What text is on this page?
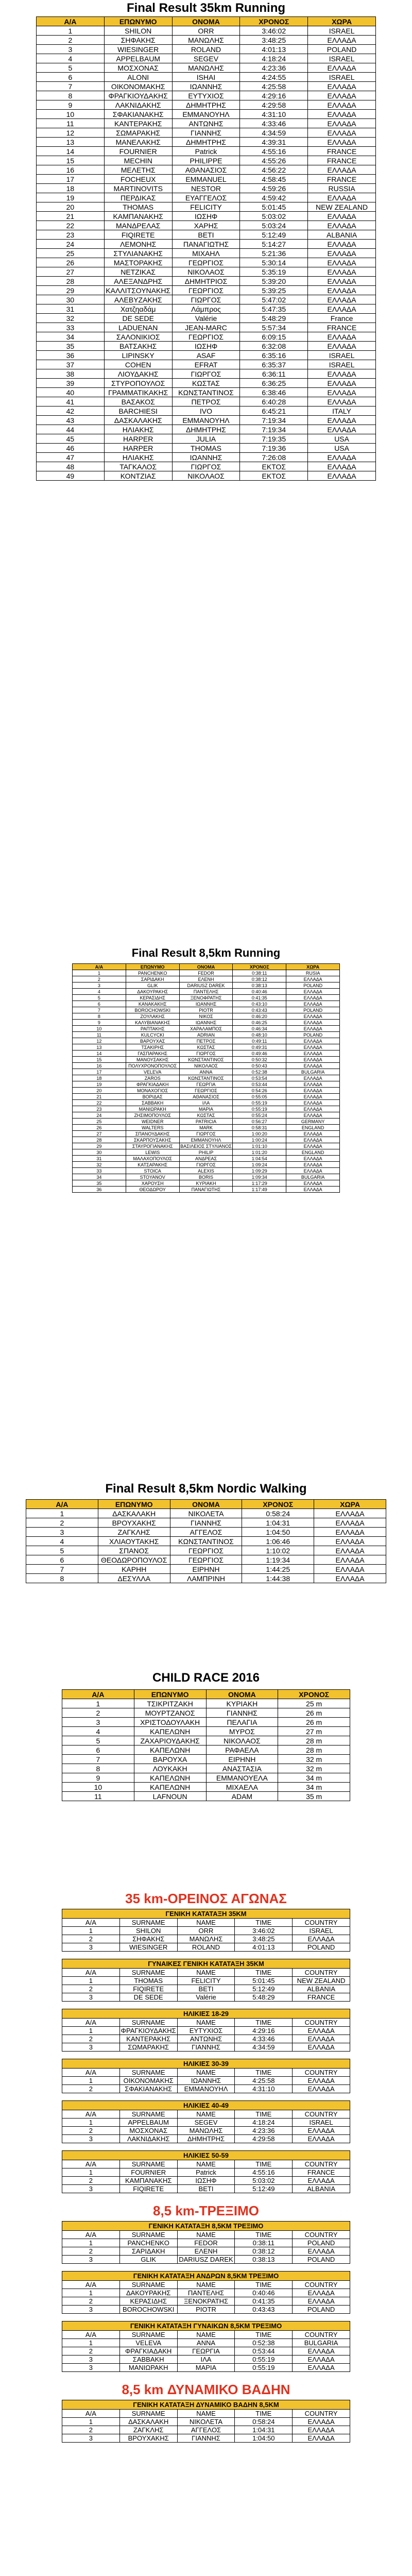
Final Result 35km Running
A/A	ΕΠΩΝΥΜΟ	ΟΝΟΜΑ	ΧΡΟΝΟΣ	ΧΩΡΑ
1	SHILON	ORR	3:46:02	ISRAEL
2	ΣΗΦΑΚΗΣ	ΜΑΝΩΛΗΣ	3:48:25	ΕΛΛΑΔΑ
3	WIESINGER	ROLAND	4:01:13	POLAND
4	APPELBAUM	SEGEV	4:18:24	ISRAEL
5	ΜΟΣΧΟΝΑΣ	ΜΑΝΩΛΗΣ	4:23:36	ΕΛΛΑΔΑ
6	ALONI	ISHAI	4:24:55	ISRAEL
7	ΟΙΚΟΝΟΜΑΚΗΣ	ΙΩΑΝΝΗΣ	4:25:58	ΕΛΛΑΔΑ
8	ΦΡΑΓΚΙΟΥΔΑΚΗΣ	ΕΥΤΥΧΙΟΣ	4:29:16	ΕΛΛΑΔΑ
9	ΛΑΚΝΙΔΑΚΗΣ	ΔΗΜΗΤΡΗΣ	4:29:58	ΕΛΛΑΔΑ
10	ΣΦΑΚΙΑΝΑΚΗΣ	ΕΜΜΑΝΟΥΗΛ	4:31:10	ΕΛΛΑΔΑ
11	ΚΑΝΤΕΡΑΚΗΣ	ΑΝΤΩΝΗΣ	4:33:46	ΕΛΛΑΔΑ
12	ΣΩΜΑΡΑΚΗΣ	ΓΙΑΝΝΗΣ	4:34:59	ΕΛΛΑΔΑ
13	ΜΑΝΕΛΑΚΗΣ	ΔΗΜΗΤΡΗΣ	4:39:31	ΕΛΛΑΔΑ
14	FOURNIER	Patrick	4:55:16	FRANCE
15	MECHIN	PHILIPPE	4:55:26	FRANCE
16	ΜΕΛΕΤΗΣ	ΑΘΑΝΑΣΙΟΣ	4:56:22	ΕΛΛΑΔΑ
17	FOCHEUX	EMMANUEL	4:58:45	FRANCE
18	MARTINOVITS	NESTOR	4:59:26	RUSSIA
19	ΠΕΡΔΙΚΑΣ	ΕΥΑΓΓΕΛΟΣ	4:59:42	ΕΛΛΑΔΑ
20	THOMAS	FELICITY	5:01:45	NEW ZEALAND
21	ΚΑΜΠΑΝΑΚΗΣ	ΙΩΣΗΦ	5:03:02	ΕΛΛΑΔΑ
22	ΜΑΝΔΡΕΛΑΣ	ΧΑΡΗΣ	5:03:24	ΕΛΛΑΔΑ
23	FIQIRETE	BETI	5:12:49	ALBANIA
24	ΛΕΜΟΝΗΣ	ΠΑΝΑΓΙΩΤΗΣ	5:14:27	ΕΛΛΑΔΑ
25	ΣΤΥΛΙΑΝΑΚΗΣ	ΜΙΧΑΗΛ	5:21:36	ΕΛΛΑΔΑ
26	ΜΑΣΤΟΡΑΚΗΣ	ΓΕΩΡΓΙΟΣ	5:30:14	ΕΛΛΑΔΑ
27	ΝΕΤΖΙΚΑΣ	ΝΙΚΟΛΑΟΣ	5:35:19	ΕΛΛΑΔΑ
28	ΑΛΕΞΑΝΔΡΗΣ	ΔΗΜΗΤΡΙΟΣ	5:39:20	ΕΛΛΑΔΑ
29	ΚΑΛΛΙΤΣΟΥΝΑΚΗΣ	ΓΕΩΡΓΙΟΣ	5:39:25	ΕΛΛΑΔΑ
30	ΑΛΕΒΥΖΑΚΗΣ	ΓΙΩΡΓΟΣ	5:47:02	ΕΛΛΑΔΑ
31	Χατζηαδάμ	Λάμπρος	5:47:35	ΕΛΛΑΔΑ
32	DE SEDE	Valérie	5:48:29	France
33	LADUENAN	JEAN-MARC	5:57:34	FRANCE
34	ΣΑΛΟΝΙΚΙΟΣ	ΓΕΩΡΓΙΟΣ	6:09:15	ΕΛΛΑΔΑ
35	ΒΑΤΣΑΚΗΣ	ΙΩΣΗΦ	6:32:08	ΕΛΛΑΔΑ
36	LIPINSKY	ASAF	6:35:16	ISRAEL
37	COHEN	EFRAT	6:35:37	ISRAEL
38	ΛΙΟΥΔΑΚΗΣ	ΓΙΩΡΓΟΣ	6:36:11	ΕΛΛΑΔΑ
39	ΣΤΥΡΟΠΟΥΛΟΣ	ΚΩΣΤΑΣ	6:36:25	ΕΛΛΑΔΑ
40	ΓΡΑΜΜΑΤΙΚΑΚΗΣ	ΚΩΝΣΤΑΝΤΙΝΟΣ	6:38:46	ΕΛΛΑΔΑ
41	ΒΑΣΑΚΟΣ	ΠΕΤΡΟΣ	6:40:28	ΕΛΛΑΔΑ
42	BARCHIESI	IVO	6:45:21	ITALY
43	ΔΑΣΚΑΛΑΚΗΣ	ΕΜΜΑΝΟΥΗΛ	7:19:34	ΕΛΛΑΔΑ
44	ΗΛΙΑΚΗΣ	ΔΗΜΗΤΡΗΣ	7:19:34	ΕΛΛΑΔΑ
45	HARPER	JULIA	7:19:35	USA
46	HARPER	THOMAS	7:19:36	USA
47	ΗΛΙΑΚΗΣ	ΙΩΑΝΝΗΣ	7:26:08	ΕΛΛΑΔΑ
48	ΤΑΓΚΑΛΟΣ	ΓΙΩΡΓΟΣ	ΕΚΤΟΣ	ΕΛΛΑΔΑ
49	ΚΟΝΤΖΙΑΣ	ΝΙΚΟΛΑΟΣ	ΕΚΤΟΣ	ΕΛΛΑΔΑ
Final Result 8,5km Running
A/A	ΕΠΩΝΥΜΟ	ΟΝΟΜΑ	ΧΡΟΝΟΣ	ΧΩΡΑ
1	PANCHENKO	FEDOR	0:38:11	RUSIA
2	ΣΑΡΙΔΑΚΗ	ΕΛΕΝΗ	0:38:12	ΕΛΛΑΔΑ
3	GLIK	DARIUSZ DAREK	0:38:13	POLAND
4	ΔΑΚΟΥΡΑΚΗΣ	ΠΑΝΤΕΛΗΣ	0:40:46	ΕΛΛΑΔΑ
5	ΚΕΡΑΣΙΔΗΣ	ΞΕΝΟΦΡΑΤΗΣ	0:41:35	ΕΛΛΑΔΑ
6	ΚΑΝΑΚΑΚΗΣ	ΙΩΑΝΝΗΣ	0:43:10	ΕΛΛΑΔΑ
7	BOROCHOWSKI	PIOTR	0:43:43	POLAND
8	ΖΟΥΛΑΚΗΣ	ΝΙΚΟΣ	0:46:20	ΕΛΛΑΔΑ
9	ΚΑΛΥΒΙΑΝΑΚΗΣ	ΙΩΑΝΝΗΣ	0:46:25	ΕΛΛΑΔΑ
10	ΡΑΠΤΑΚΗΣ	ΧΑΡΑΛΑΜΠΟΣ	0:46:34	ΕΛΛΑΔΑ
11	KULCYCKI	ADRIAN	0:48:10	POLAND
12	ΒΑΡΟΥΧΑΣ	ΠΕΤΡΟΣ	0:49:11	ΕΛΛΑΔΑ
13	ΤΣΑΚΙΡΗΣ	ΚΩΣΤΑΣ	0:49:31	ΕΛΛΑΔΑ
14	ΓΑΣΠΑΡΑΚΗΣ	ΓΙΩΡΓΟΣ	0:49:46	ΕΛΛΑΔΑ
15	ΜΑΝΟΥΣΑΚΗΣ	ΚΩΝΣΤΑΝΤΙΝΟΣ	0:50:32	ΕΛΛΑΔΑ
16	ΠΟΛΥΧΡΟΝΟΠΟΥΛΟΣ	ΝΙΚΟΛΑΟΣ	0:50:43	ΕΛΛΑΔΑ
17	VELEVA	ANNA	0:52:38	BULGARIA
18	ZAROS	ΚΩΝΣΤΑΝΤΙΝΟΣ	0:53:54	ΕΛΛΑΔΑ
19	ΦΡΑΓΚΙΑΔΑΚΗ	ΓΕΩΡΓΙΑ	0:53:44	ΕΛΛΑΔΑ
20	ΜΟΝΑΧΟΓΙΟΣ	ΓΕΩΡΓΙΟΣ	0:54:26	ΕΛΛΑΔΑ
21	ΒΟΡΙΔΑΣ	ΑΘΑΝΑΣΙΟΣ	0:55:05	ΕΛΛΑΔΑ
22	ΣΑΒΒΑΚΗ	ΙΛΑ	0:55:19	ΕΛΛΑΔΑ
23	ΜΑΝΙΩΡΑΚΗ	ΜΑΡΙΑ	0:55:19	ΕΛΛΑΔΑ
24	ΖΗΣΙΜΟΠΟΥΛΟΣ	ΚΩΣΤΑΣ	0:55:24	ΕΛΛΑΔΑ
25	WEIDNER	PATRICIA	0:56:27	GERMANY
26	WALTERS	MARK	0:58:31	ENGLAND
27	ΣΠΑΝΟΥΔΑΚΗΣ	ΓΙΩΡΓΟΣ	1:00:20	ΕΛΛΑΔΑ
28	ΣΚΑΡΠΟΥΣΑΚΗΣ	ΕΜΜΑΝΟΥΗΛ	1:00:24	ΕΛΛΑΔΑ
29	ΣΤΑΥΡΟΓΙΑΝΑΚΗΣ	ΒΑΣΙΛΕΙΟΣ ΣΤΥΛΙΑΝΟΣ	1:01:10	ΕΛΛΑΔΑ
30	LEWIS	PHILIP	1:01:20	ENGLAND
31	ΜΑΛΑΧΟΠΟΥΛΟΣ	ΑΝΔΡΕΑΣ	1:04:54	ΕΛΛΑΔΑ
32	ΚΑΤΣΑΡΑΚΗΣ	ΓΙΩΡΓΟΣ	1:09:24	ΕΛΛΑΔΑ
33	STOICA	ALEXIS	1:09:29	ΕΛΛΑΔΑ
34	STOYANOV	BORIS	1:09:34	BULGARIA
35	ΧΑΡΟΥΣΗ	ΚΥΡΙΑΚΗ	1:17:29	ΕΛΛΑΔΑ
36	ΘΕΟΔΩΡΟΥ	ΠΑΝΑΓΙΩΤΗΣ	1:17:49	ΕΛΛΑΔΑ
Final Result 8,5km Nordic Walking
A/A	ΕΠΩΝΥΜΟ	ΟΝΟΜΑ	ΧΡΟΝΟΣ	ΧΩΡΑ
1	ΔΑΣΚΑΛΑΚΗ	ΝΙΚΟΛΕΤΑ	0:58:24	ΕΛΛΑΔΑ
2	ΒΡΟΥΧΑΚΗΣ	ΓΙΑΝΝΗΣ	1:04:31	ΕΛΛΑΔΑ
3	ΖΑΓΚΛΗΣ	ΑΓΓΕΛΟΣ	1:04:50	ΕΛΛΑΔΑ
4	ΧΛΙΑΟΥΤΑΚΗΣ	ΚΩΝΣΤΑΝΤΙΝΟΣ	1:06:46	ΕΛΛΑΔΑ
5	ΣΠΑΝΟΣ	ΓΕΩΡΓΙΟΣ	1:10:02	ΕΛΛΑΔΑ
6	ΘΕΟΔΩΡΟΠΟΥΛΟΣ	ΓΕΩΡΓΙΟΣ	1:19:34	ΕΛΛΑΔΑ
7	ΚΑΡΗΗ	ΕΙΡΗΝΗ	1:44:25	ΕΛΛΑΔΑ
8	ΔΕΣΥΛΛΑ	ΛΑΜΠΡΙΝΗ	1:44:38	ΕΛΛΑΔΑ
CHILD RACE 2016
A/A	ΕΠΩΝΥΜΟ	ΟΝΟΜΑ	ΧΡΟΝΟΣ
1	ΤΣΙΚΡΙΤΖΑΚΗ	ΚΥΡΙΑΚΗ	25 m
2	ΜΟΥΡΤΖΑΝΟΣ	ΓΙΑΝΝΗΣ	26 m
3	ΧΡΙΣΤΟΔΟΥΛΑΚΗ	ΠΕΛΑΓΙΑ	26 m
4	ΚΑΠΕΛΩΝΗ	ΜΥΡΟΣ	27 m
5	ΖΑΧΑΡΙΟΥΔΑΚΗΣ	ΝΙΚΟΛΑΟΣ	28 m
6	ΚΑΠΕΛΩΝΗ	ΡΑΦΑΕΛΑ	28 m
7	ΒΑΡΟΥΧΑ	ΕΙΡΗΝΗ	32 m
8	ΛΟΥΚΑΚΗ	ΑΝΑΣΤΑΣΙΑ	32 m
9	ΚΑΠΕΛΩΝΗ	ΕΜΜΑΝΟΥΕΛΑ	34 m
10	ΚΑΠΕΛΩΝΗ	ΜΙΧΑΕΛΑ	34 m
11	LAFNOUN	ADAM	35 m
35 km-ΟΡΕΙΝΟΣ ΑΓΩΝΑΣ
ΓΕΝΙΚΗ ΚΑΤΑΤΑΞΗ 35ΚΜ				
A/A	SURNAME	NAME	TIME	COUNTRY
1	SHILON	ORR	3:46:02	ISRAEL
2	ΣΗΦΑΚΗΣ	ΜΑΝΩΛΗΣ	3:48:25	ΕΛΛΑΔΑ
3	WIESINGER	ROLAND	4:01:13	POLAND
ΓΥΝΑΙΚΕΣ ΓΕΝΙΚΗ ΚΑΤΑΤΑΞΗ 35ΚΜ				
A/A	SURNAME	NAME	TIME	COUNTRY
1	THOMAS	FELICITY	5:01:45	NEW ZEALAND
2	FIQIRETE	BETI	5:12:49	ALBANIA
3	DE SEDE	Valérie	5:48:29	FRANCE
ΗΛΙΚΙΕΣ 18-29				
A/A	SURNAME	NAME	TIME	COUNTRY
1	ΦΡΑΓΚΙΟΥΔΑΚΗΣ	ΕΥΤΥΧΙΟΣ	4:29:16	ΕΛΛΑΔΑ
2	ΚΑΝΤΕΡΑΚΗΣ	ΑΝΤΩΝΗΣ	4:33:46	ΕΛΛΑΔΑ
3	ΣΩΜΑΡΑΚΗΣ	ΓΙΑΝΝΗΣ	4:34:59	ΕΛΛΑΔΑ
ΗΛΙΚΙΕΣ 30-39				
A/A	SURNAME	NAME	TIME	COUNTRY
1	ΟΙΚΟΝΟΜΑΚΗΣ	ΙΩΑΝΝΗΣ	4:25:58	ΕΛΛΑΔΑ
2	ΣΦΑΚΙΑΝΑΚΗΣ	ΕΜΜΑΝΟΥΗΛ	4:31:10	ΕΛΛΑΔΑ
ΗΛΙΚΙΕΣ 40-49				
A/A	SURNAME	NAME	TIME	COUNTRY
1	APPELBAUM	SEGEV	4:18:24	ISRAEL
2	ΜΟΣΧΟΝΑΣ	ΜΑΝΩΛΗΣ	4:23:36	ΕΛΛΑΔΑ
3	ΛΑΚΝΙΔΑΚΗΣ	ΔΗΜΗΤΡΗΣ	4:29:58	ΕΛΛΑΔΑ
ΗΛΙΚΙΕΣ 50-59				
A/A	SURNAME	NAME	TIME	COUNTRY
1	FOURNIER	Patrick	4:55:16	FRANCE
2	ΚΑΜΠΑΝΑΚΗΣ	ΙΩΣΗΦ	5:03:02	ΕΛΛΑΔΑ
3	FIQIRETE	BETI	5:12:49	ALBANIA
8,5 km-ΤΡΕΞΙΜΟ
ΓΕΝΙΚΗ ΚΑΤΑΤΑΞΗ 8,5ΚΜ ΤΡΕΞΙΜΟ				
A/A	SURNAME	NAME	TIME	COUNTRY
1	PANCHENKO	FEDOR	0:38:11	POLAND
2	ΣΑΡΙΔΑΚΗ	ΕΛΕΝΗ	0:38:12	ΕΛΛΑΔΑ
3	GLIK	DARIUSZ DAREK	0:38:13	POLAND
ΓΕΝΙΚΗ ΚΑΤΑΤΑΞΗ ΑΝΔΡΩΝ 8,5ΚΜ ΤΡΕΞΙΜΟ				
A/A	SURNAME	NAME	TIME	COUNTRY
1	ΔΑΚΟΥΡΑΚΗΣ	ΠΑΝΤΕΛΗΣ	0:40:46	ΕΛΛΑΔΑ
2	ΚΕΡΑΣΙΔΗΣ	ΞΕΝΟΚΡΑΤΗΣ	0:41:35	ΕΛΛΑΔΑ
3	BOROCHOWSKI	PIOTR	0:43:43	POLAND
ΓΕΝΙΚΗ ΚΑΤΑΤΑΞΗ ΓΥΝΑΙΚΩΝ 8,5ΚΜ ΤΡΕΞΙΜΟ				
A/A	SURNAME	NAME	TIME	COUNTRY
1	VELEVA	ANNA	0:52:38	BULGARIA
2	ΦΡΑΓΚΙΑΔΑΚΗ	ΓΕΩΡΓΙΑ	0:53:44	ΕΛΛΑΔΑ
3	ΣΑΒΒΑΚΗ	ΙΛΑ	0:55:19	ΕΛΛΑΔΑ
3	ΜΑΝΙΩΡΑΚΗ	ΜΑΡΙΑ	0:55:19	ΕΛΛΑΔΑ
8,5 km ΔΥΝΑΜΙΚΟ ΒΑΔΗΝ
ΓΕΝΙΚΗ ΚΑΤΑΤΑΞΗ ΔΥΝΑΜΙΚΟ ΒΑΔΗΝ 8,5ΚΜ				
A/A	SURNAME	NAME	TIME	COUNTRY
1	ΔΑΣΚΑΛΑΚΗ	ΝΙΚΟΛΕΤΑ	0:58:24	ΕΛΛΑΔΑ
2	ΖΑΓΚΛΗΣ	ΑΓΓΕΛΟΣ	1:04:31	ΕΛΛΑΔΑ
3	ΒΡΟΥΧΑΚΗΣ	ΓΙΑΝΝΗΣ	1:04:50	ΕΛΛΑΔΑ
